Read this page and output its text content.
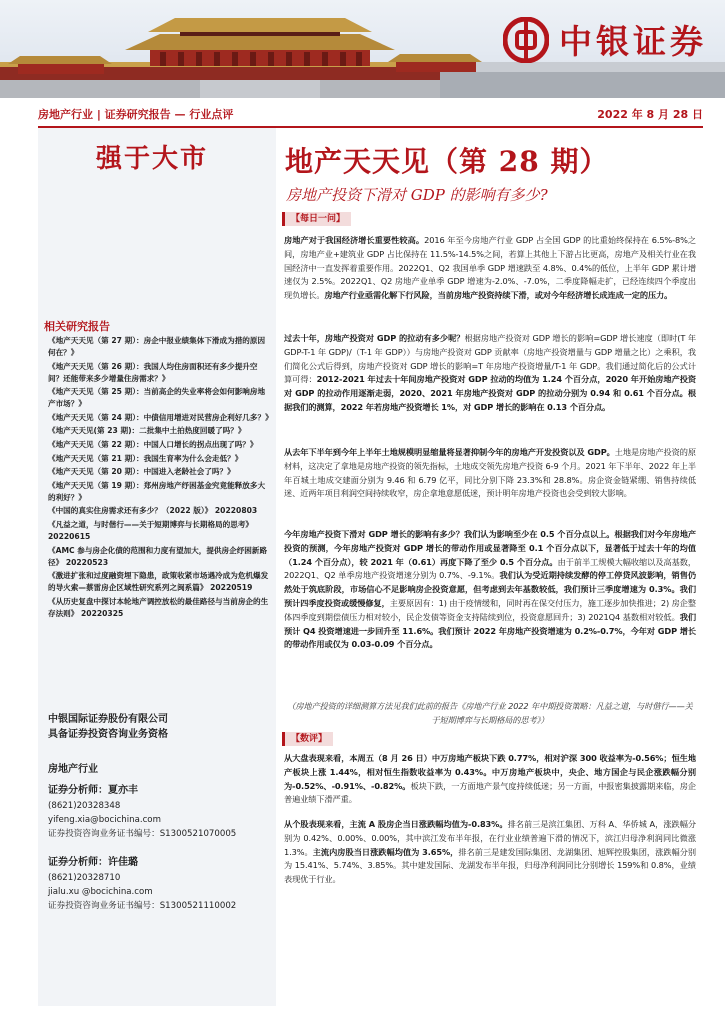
中银证券
房地产行业 | 证券研究报告 — 行业点评	2022 年 8 月 28 日
强于大市
相关研究报告
《地产天天见（第 27 期）：房企中报业绩集体下滑成为措的原因何在？》
《地产天天见（第 26 期）：我国人均住房面积还有多少提升空间？还能带来多少增量住房需求？》
《地产天天见（第 25 期）：当前高企的失业率将会如何影响房地产市场？》
《地产天天见（第 24 期）：中债信用增进对民营房企利好几多？》
《地产天天见(第 23 期)：二批集中土拍热度回暖了吗？》
《地产天天见（第 22 期）：中国人口增长的拐点出现了吗？》
《地产天天见（第 21 期）：我国生育率为什么会走低？》
《地产天天见（第 20 期）：中国进入老龄社会了吗？》
《地产天天见（第 19 期）：郑州房地产纾困基金究竟能释放多大的利好？》
《中国的真实住房需求还有多少？（2022 版）》 20220803
《凡益之道，与时偕行——关于短期博弈与长期格局的思考》 20220615
《AMC 参与房企化债的范围和力度有望加大，提供房企纾困新路径》 20220523
《激进扩张和过度融资埋下隐患，政策收紧市场遇冷成为危机爆发的导火索—蔡雷房企区域性研究系列之闽系篇》 20220519
《从历史复盘中探讨本轮地产调控放松的最佳路径与当前房企的生存法则》 20220325
中银国际证券股份有限公司
具备证券投资咨询业务资格
房地产行业
证券分析师：夏亦丰
(8621)20328348
yifeng.xia@bocichina.com
证券投资咨询业务证书编号：S1300521070005
证券分析师：许佳璐
(8621)20328710
jialu.xu @bocichina.com
证券投资咨询业务证书编号：S1300521110002
地产天天见（第 28 期）
房地产投资下滑对 GDP 的影响有多少?
【每日一问】
房地产对于我国经济增长重要性较高。2016 年至今房地产行业 GDP 占全国 GDP 的比重始终保持在 6.5%-8%之间，房地产业+建筑业 GDP 占比保持在 11.5%-14.5%之间，若算上其他上下游占比更高，房地产及相关行业在我国经济中一直发挥着重要作用。2022Q1、Q2 我国单季 GDP 增速跌至 4.8%、0.4%的低位，上半年 GDP 累计增速仅为 2.5%。2022Q1、Q2 房地产业单季 GDP 增速为-2.0%、-7.0%，二季度降幅走扩，已经连续四个季度出现负增长。房地产行业亟需化解下行风险，当前房地产投资持续下滑，或对今年经济增长成连成一定的压力。
过去十年，房地产投资对 GDP 的拉动有多少呢？根据房地产投资对 GDP 增长的影响=GDP 增长速度（即时(T 年 GDP-T-1 年 GDP)/（T-1 年 GDP））与房地产投资对 GDP 贡献率（房地产投资增量与 GDP 增量之比）之乘积，我们简化公式后得到，房地产投资对 GDP 增长的影响=T 年房地产投资增量/T-1 年 GDP。我们通过简化后的公式计算可得：2012-2021 年过去十年间房地产投资对 GDP 拉动的均值为 1.24 个百分点，2020 年开始房地产投资对 GDP 的拉动作用逐渐走弱，2020、2021 年房地产投资对 GDP 的拉动分别为 0.94 和 0.61 个百分点。根据我们的测算，2022 年若房地产投资增长 1%，对 GDP 增长的影响在 0.13 个百分点。
从去年下半年到今年上半年土地规模明显缩量将显著抑制今年的房地产开发投资以及 GDP。土地是房地产投资的原材料，这决定了拿地是房地产投资的领先指标，土地成交领先房地产投资 6-9 个月。2021 年下半年、2022 年上半年百城土地成交建面分别为 9.46 和 6.79 亿平，同比分别下降 23.3%和 28.8%。房企资金链紧绷、销售持续低迷、近两年项目利润空间持续收窄，房企拿地意愿低迷，预计明年房地产投资也会受到较大影响。
今年房地产投资下滑对 GDP 增长的影响有多少？我们认为影响至少在 0.5 个百分点以上。根据我们对今年房地产投资的预测，今年房地产投资对 GDP 增长的带动作用或显著降至 0.1 个百分点以下，显著低于过去十年的均值（1.24 个百分点），较 2021 年（0.61）再度下降了至少 0.5 个百分点。由于前半工规模大幅收缩以及高基数，2022Q1、Q2 单季房地产投资增速分别为 0.7%、-9.1%。我们认为受近期持续发酵的停工停贷风波影响，销售仍然处于筑底阶段，市场信心不足影响房企投资意愿，但考虑到去年基数较低，我们预计三季度增速为 0.3%。我们预计四季度投资或缓慢修复，主要原因有：1) 由于疫情缓和，同时再在保交付压力，施工逐步加快推进；2) 房企整体四季度到期偿债压力相对较小，民企发债等资金支持陆续到位，投资意愿回升；3) 2021Q4 基数相对较低。我们预计 Q4 投资增速进一步回升至 11.6%。我们预计 2022 年房地产投资增速为 0.2%-0.7%，今年对 GDP 增长的带动作用或仅为 0.03-0.09 个百分点。
（房地产投资的详细测算方法见我们此前的报告《房地产行业 2022 年中期投资策略：凡益之道，与时偕行——关于短期博弈与长期格局的思考》）
【数评】
从大盘表现来看，本周五（8 月 26 日）中万房地产板块下跌 0.77%，相对沪深 300 收益率为-0.56%；恒生地产板块上涨 1.44%，相对恒生指数收益率为 0.43%。中万房地产板块中，央企、地方国企与民企涨跌幅分别为-0.52%、-0.91%、-0.82%。板块下跌，一方面地产景气度持续低迷；另一方面，中报密集披露期来临，房企普遍业绩下滑严重。
从个股表现来看，主流 A 股房企当日涨跌幅均值为-0.83%。排名前三是滨江集团、万科 A、华侨城 A，涨跌幅分别为 0.42%、0.00%、0.00%，其中滨江发布半年报，在行业业绩普遍下滑的情况下，滨江归母净利润同比微涨 1.3%。主流内房股当日涨跌幅均值为 3.65%，排名前三是建发国际集团、龙湖集团、旭辉控股集团，涨跌幅分别为 15.41%、5.74%、3.85%。其中建发国际、龙湖发布半年报，归母净利润同比分别增长 159%和 0.8%，业绩表现优于行业。
